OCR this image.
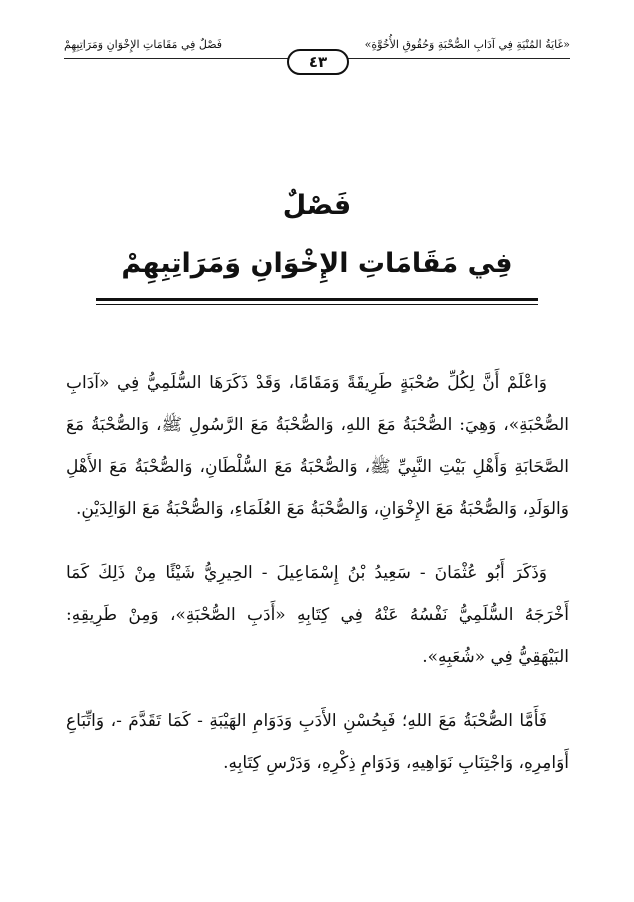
«غَايَةُ المُنْيَةِ فِي آدَابِ الصُّحْبَةِ وَحُقُوقِ الأُخُوَّةِ»
فَصْلٌ فِي مَقَامَاتِ الإِخْوَانِ وَمَرَاتِبِهِمْ
٤٣
فَصْلٌ
فِي مَقَامَاتِ الإِخْوَانِ وَمَرَاتِبِهِمْ

وَاعْلَمْ أَنَّ لِكُلِّ صُحْبَةٍ طَرِيقَةً وَمَقَامًا، وَقَدْ ذَكَرَهَا السُّلَمِيُّ فِي «آدَابِ الصُّحْبَةِ»، وَهِيَ: الصُّحْبَةُ مَعَ اللهِ، وَالصُّحْبَةُ مَعَ الرَّسُولِ ﷺ، وَالصُّحْبَةُ مَعَ الصَّحَابَةِ وَأَهْلِ بَيْتِ النَّبِيِّ ﷺ، وَالصُّحْبَةُ مَعَ السُّلْطَانِ، وَالصُّحْبَةُ مَعَ الأَهْلِ وَالوَلَدِ، وَالصُّحْبَةُ مَعَ الإِخْوَانِ، وَالصُّحْبَةُ مَعَ العُلَمَاءِ، وَالصُّحْبَةُ مَعَ الوَالِدَيْنِ.

وَذَكَرَ أَبُو عُثْمَانَ - سَعِيدُ بْنُ إِسْمَاعِيلَ - الحِيرِيُّ شَيْئًا مِنْ ذَلِكَ كَمَا أَخْرَجَهُ السُّلَمِيُّ نَفْسُهُ عَنْهُ فِي كِتَابِهِ «أَدَبِ الصُّحْبَةِ»، وَمِنْ طَرِيقِهِ: البَيْهَقِيُّ فِي «شُعَبِهِ».

فَأَمَّا الصُّحْبَةُ مَعَ اللهِ؛ فَبِحُسْنِ الأَدَبِ وَدَوَامِ الهَيْبَةِ - كَمَا تَقَدَّمَ -، وَاتِّبَاعِ أَوَامِرِهِ، وَاجْتِنَابِ نَوَاهِيهِ، وَدَوَامِ ذِكْرِهِ، وَدَرْسِ كِتَابِهِ.
